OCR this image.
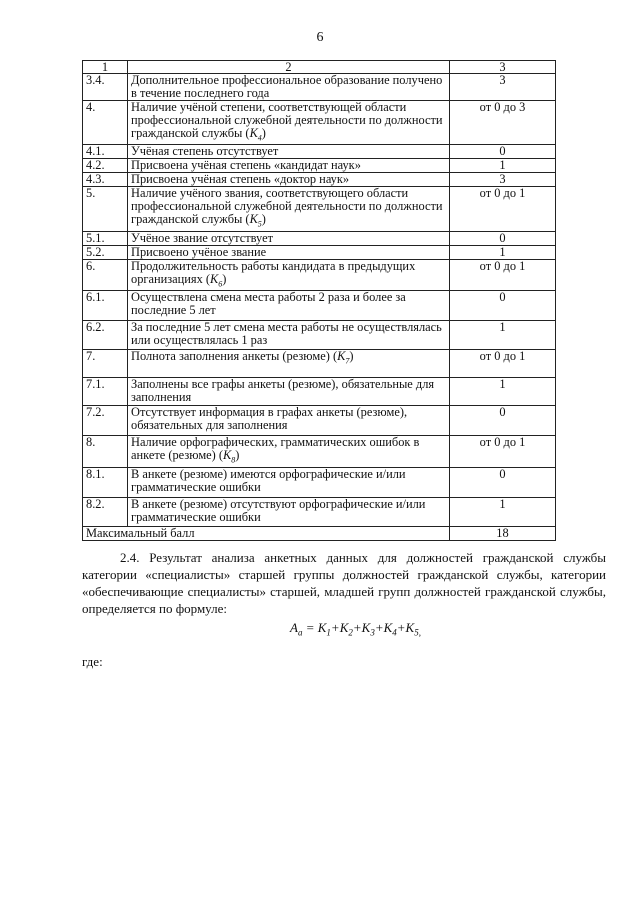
6
1	2	3
3.4.	Дополнительное профессиональное образование получено в течение последнего года	3
4.	Наличие учёной степени, соответствующей области профессиональной служебной деятельности по должности гражданской службы $(К_4)$	от 0 до 3
4.1.	Учёная степень отсутствует	0
4.2.	Присвоена учёная степень «кандидат наук»	1
4.3.	Присвоена учёная степень «доктор наук»	3
5.	Наличие учёного звания, соответствующего области профессиональной служебной деятельности по должности гражданской службы $(К_5)$	от 0 до 1
5.1.	Учёное звание отсутствует	0
5.2.	Присвоено учёное звание	1
6.	Продолжительность работы кандидата в предыдущих организациях $(К_6)$	от 0 до 1
6.1.	Осуществлена смена места работы 2 раза и более за последние 5 лет	0
6.2.	За последние 5 лет смена места работы не осуществлялась или осуществлялась 1 раз	1
7.	Полнота заполнения анкеты (резюме) $(К_7)$	от 0 до 1
7.1.	Заполнены все графы анкеты (резюме), обязательные для заполнения	1
7.2.	Отсутствует информация в графах анкеты (резюме), обязательных для заполнения	0
8.	Наличие орфографических, грамматических ошибок в анкете (резюме) $(К_8)$	от 0 до 1
8.1.	В анкете (резюме) имеются орфографические и/или грамматические ошибки	0
8.2.	В анкете (резюме) отсутствуют орфографические и/или грамматические ошибки	1
Максимальный балл		18

2.4. Результат анализа анкетных данных для должностей гражданской службы категории «специалисты» старшей группы должностей гражданской службы, категории «обеспечивающие специалисты» старшей, младшей групп должностей гражданской службы, определяется по формуле:

$A_a = K_1+K_2+K_3+K_4+K_{5,}$
где:
